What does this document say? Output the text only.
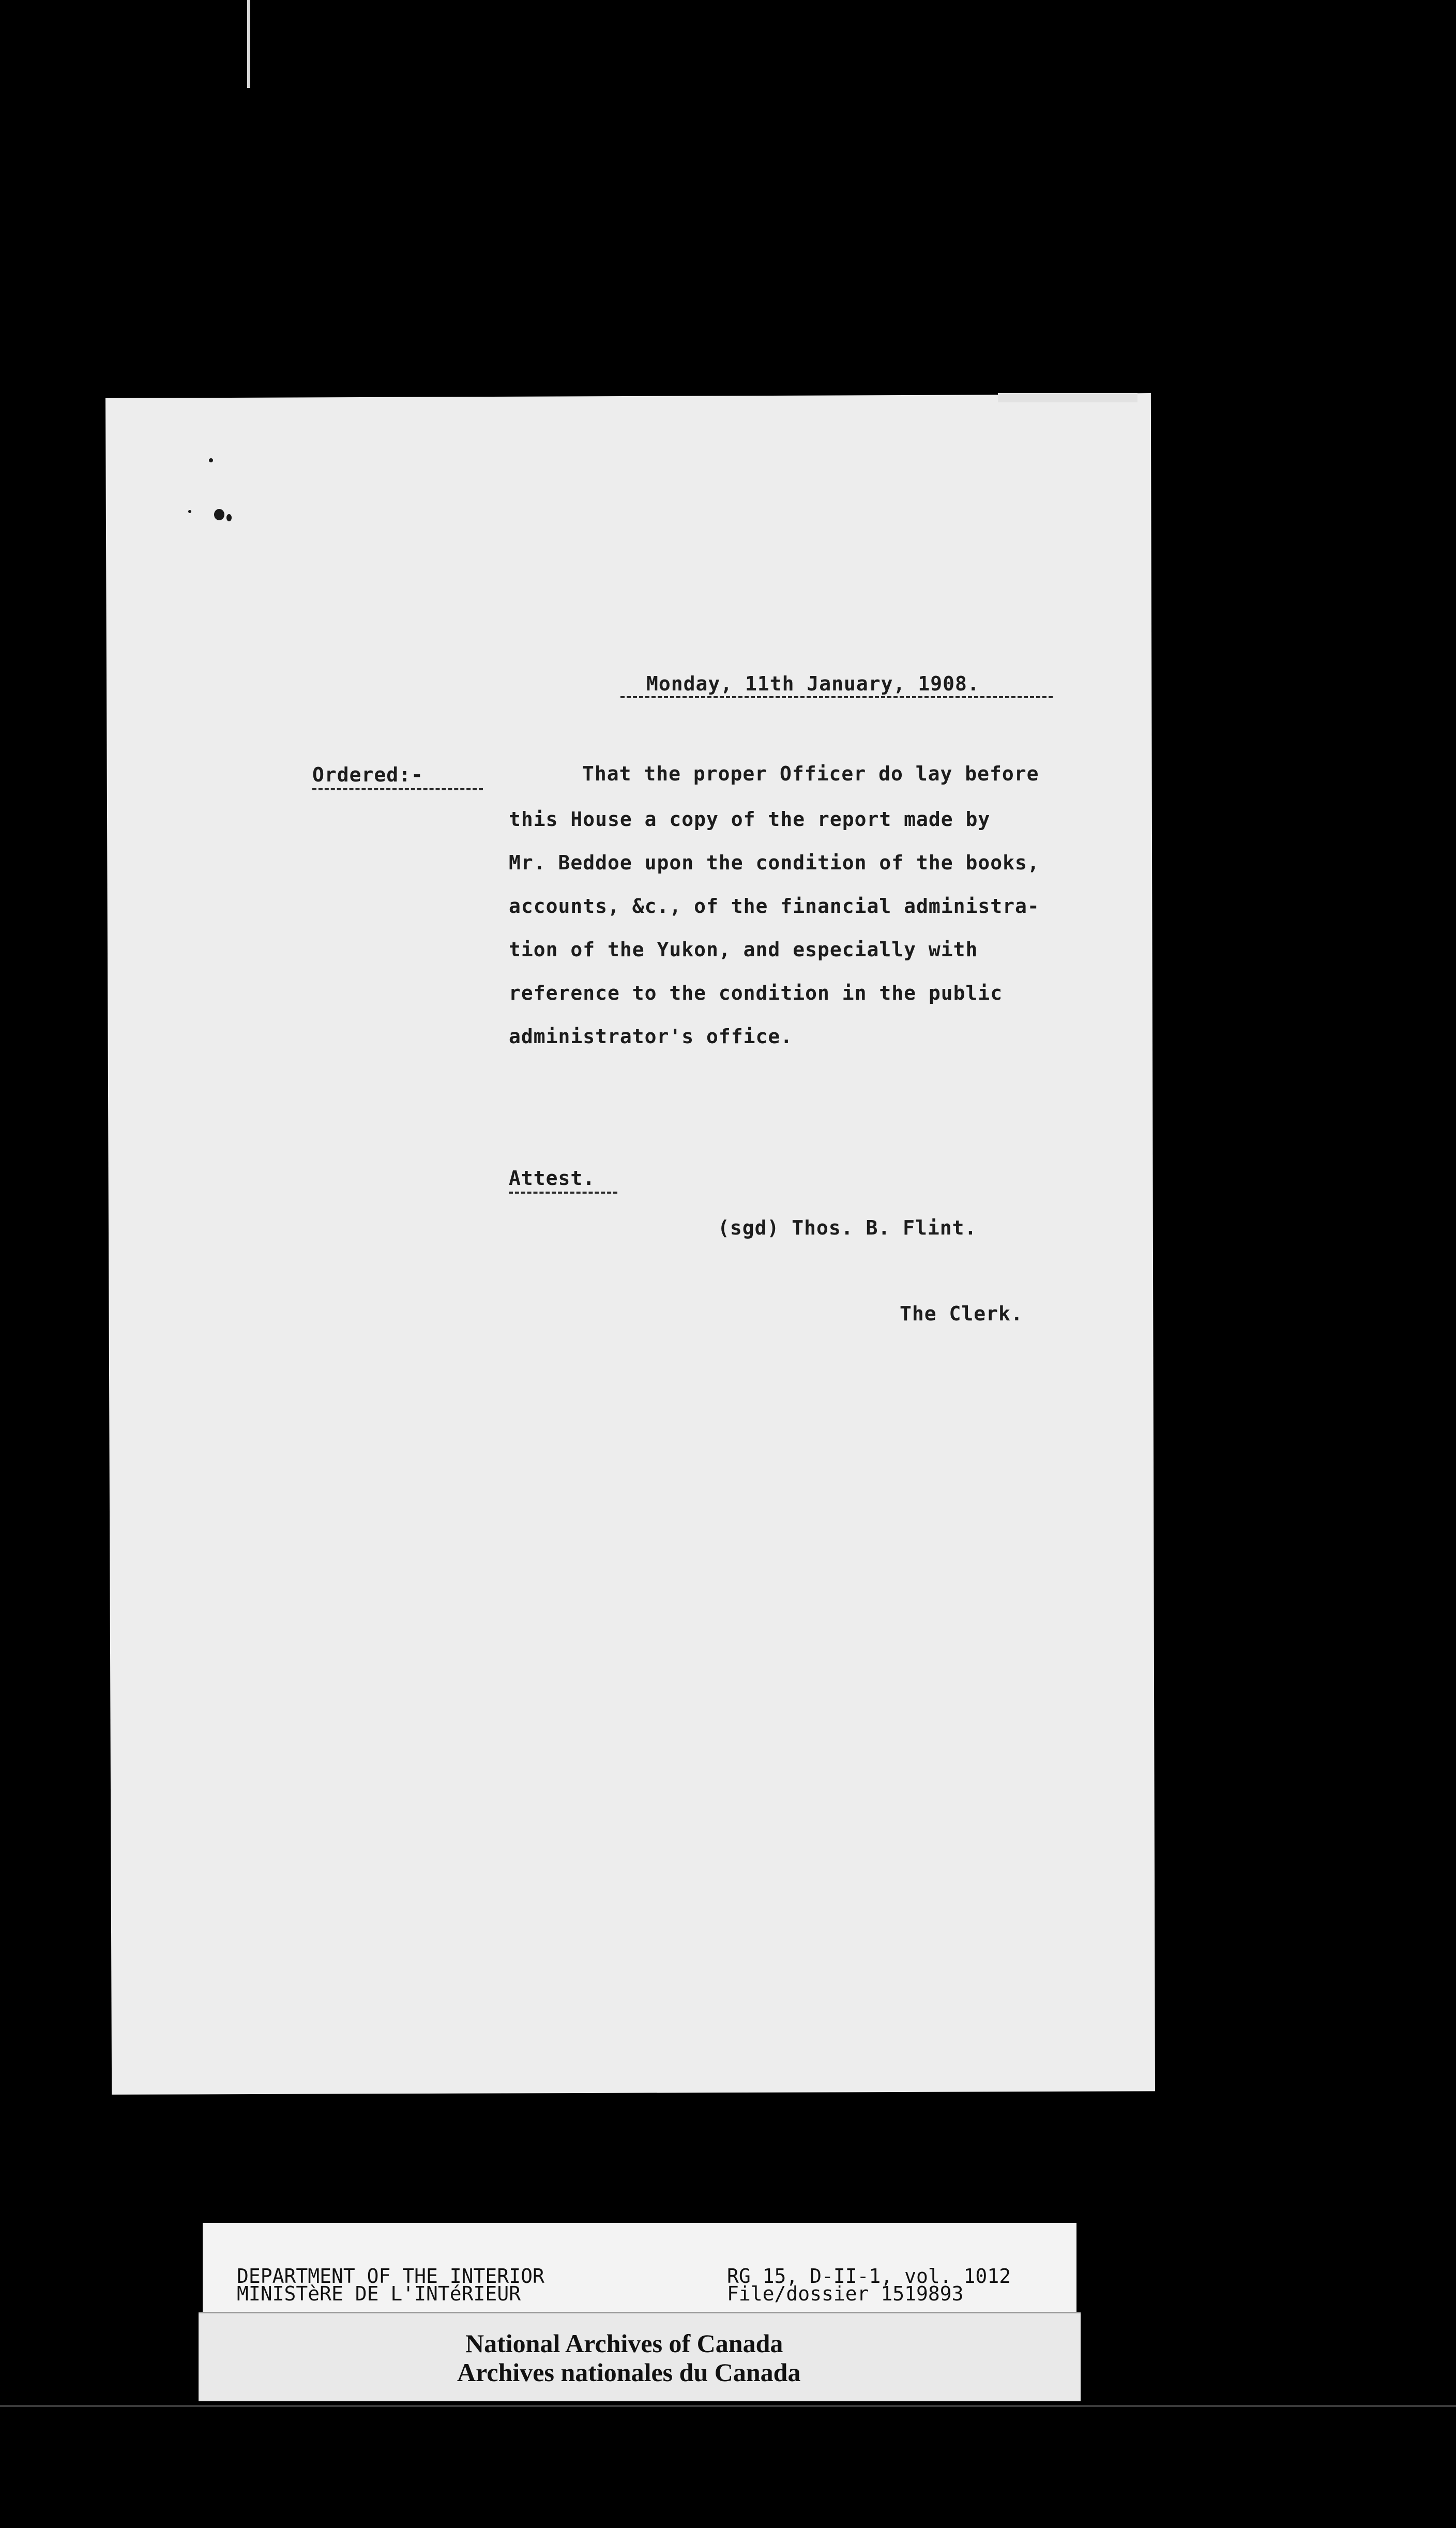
Monday, 11th January, 1908.
Ordered:-	That the proper Officer do lay before
this House a copy of the report made by
Mr. Beddoe upon the condition of the books,
accounts, &c., of the financial administra-
tion of the Yukon, and especially with
reference to the condition in the public
administrator's office.
Attest.
(sgd) Thos. B. Flint.
The Clerk.
DEPARTMENT OF THE INTERIOR
MINISTèRE DE L'INTéRIEUR
RG 15, D-II-1, vol. 1012
File/dossier 1519893
National Archives of Canada
Archives nationales du Canada
